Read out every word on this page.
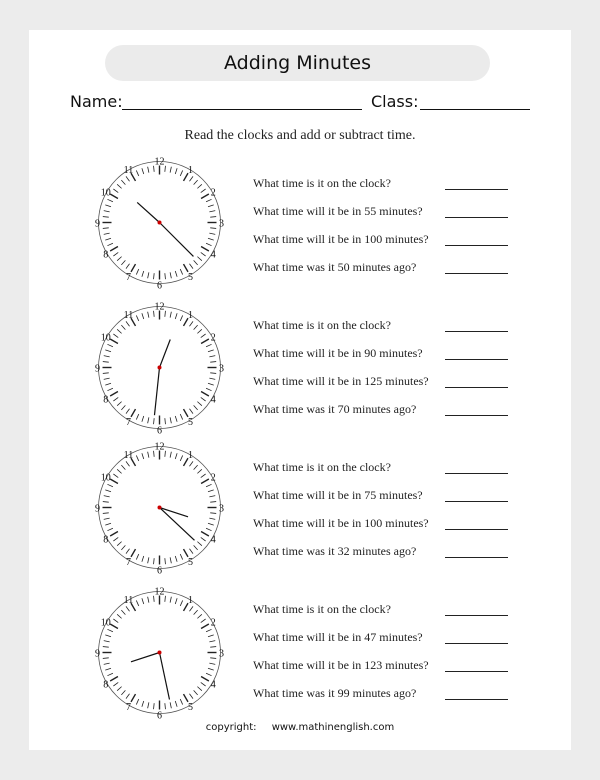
Adding Minutes
Name:	Class:
Read the clocks and add or subtract time.
12
1
2
3
4
5
6
7
8
9
10
11
What time is it on the clock?
What time will it be in 55 minutes?
What time will it be in 100 minutes?
What time was it 50 minutes ago?
12
1
2
3
4
5
6
7
8
9
10
11
What time is it on the clock?
What time will it be in 90 minutes?
What time will it be in 125 minutes?
What time was it 70 minutes ago?
12
1
2
3
4
5
6
7
8
9
10
11
What time is it on the clock?
What time will it be in 75 minutes?
What time will it be in 100 minutes?
What time was it 32 minutes ago?
12
1
2
3
4
5
6
7
8
9
10
11
What time is it on the clock?
What time will it be in 47 minutes?
What time will it be in 123 minutes?
What time was it 99 minutes ago?
copyright: www.mathinenglish.com
